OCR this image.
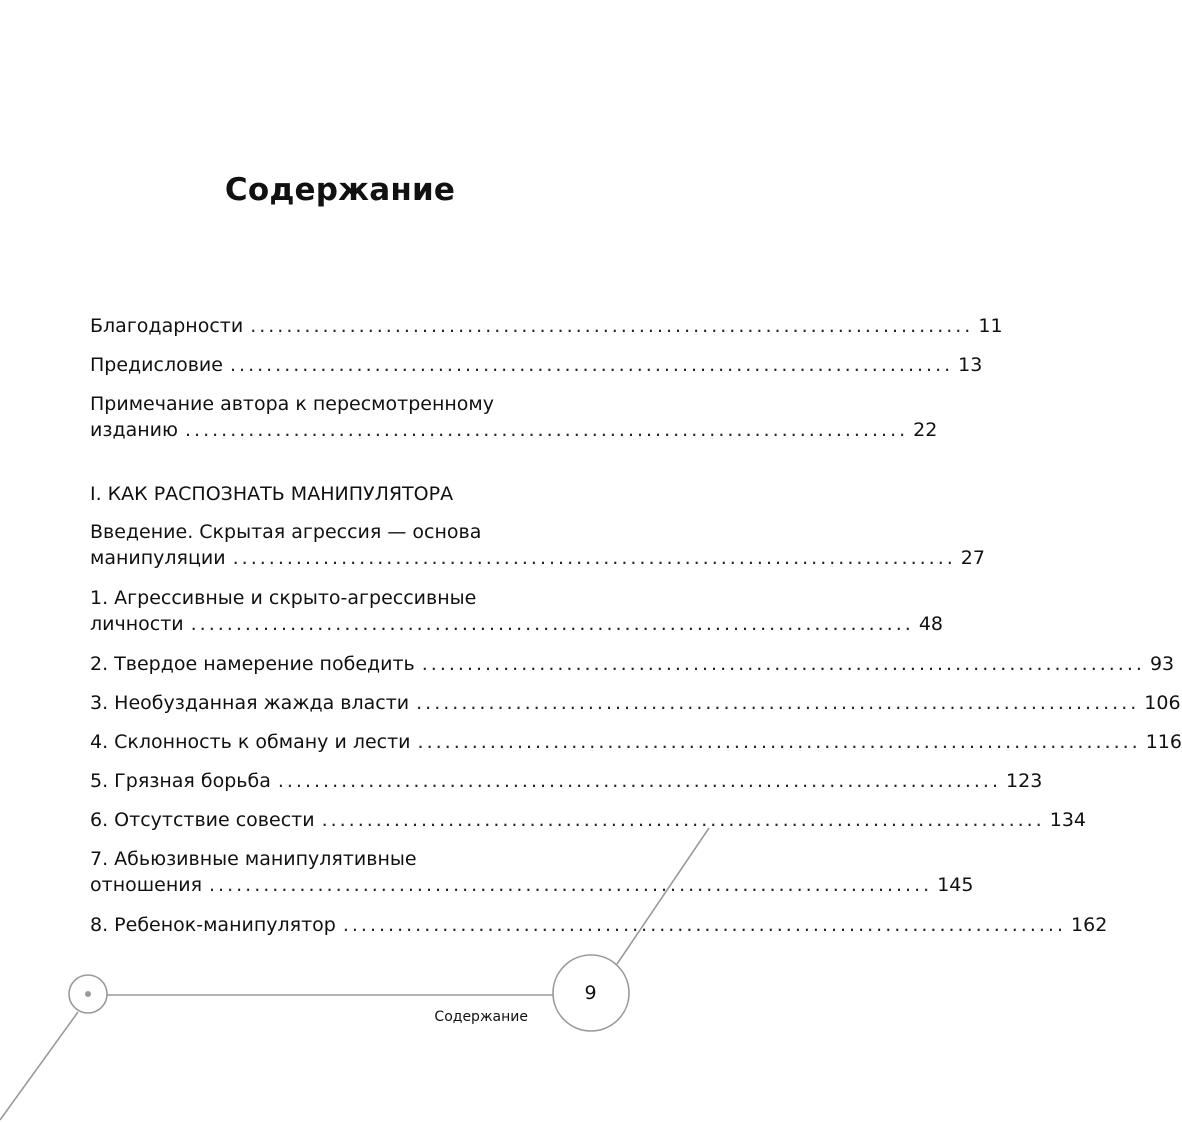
Содержание
Благодарности ................................................................................ 11
Предисловие ................................................................................ 13
Примечание автора к пересмотренному
изданию ................................................................................ 22
I. КАК РАСПОЗНАТЬ МАНИПУЛЯТОРА
Введение. Скрытая агрессия — основа
манипуляции ................................................................................ 27
1. Агрессивные и скрыто-агрессивные
личности ................................................................................ 48
2. Твердое намерение победить ................................................................................ 93
3. Необузданная жажда власти ................................................................................ 106
4. Склонность к обману и лести ................................................................................ 116
5. Грязная борьба ................................................................................ 123
6. Отсутствие совести ................................................................................ 134
7. Абьюзивные манипулятивные
отношения ................................................................................ 145
8. Ребенок-манипулятор ................................................................................ 162
9
Содержание
